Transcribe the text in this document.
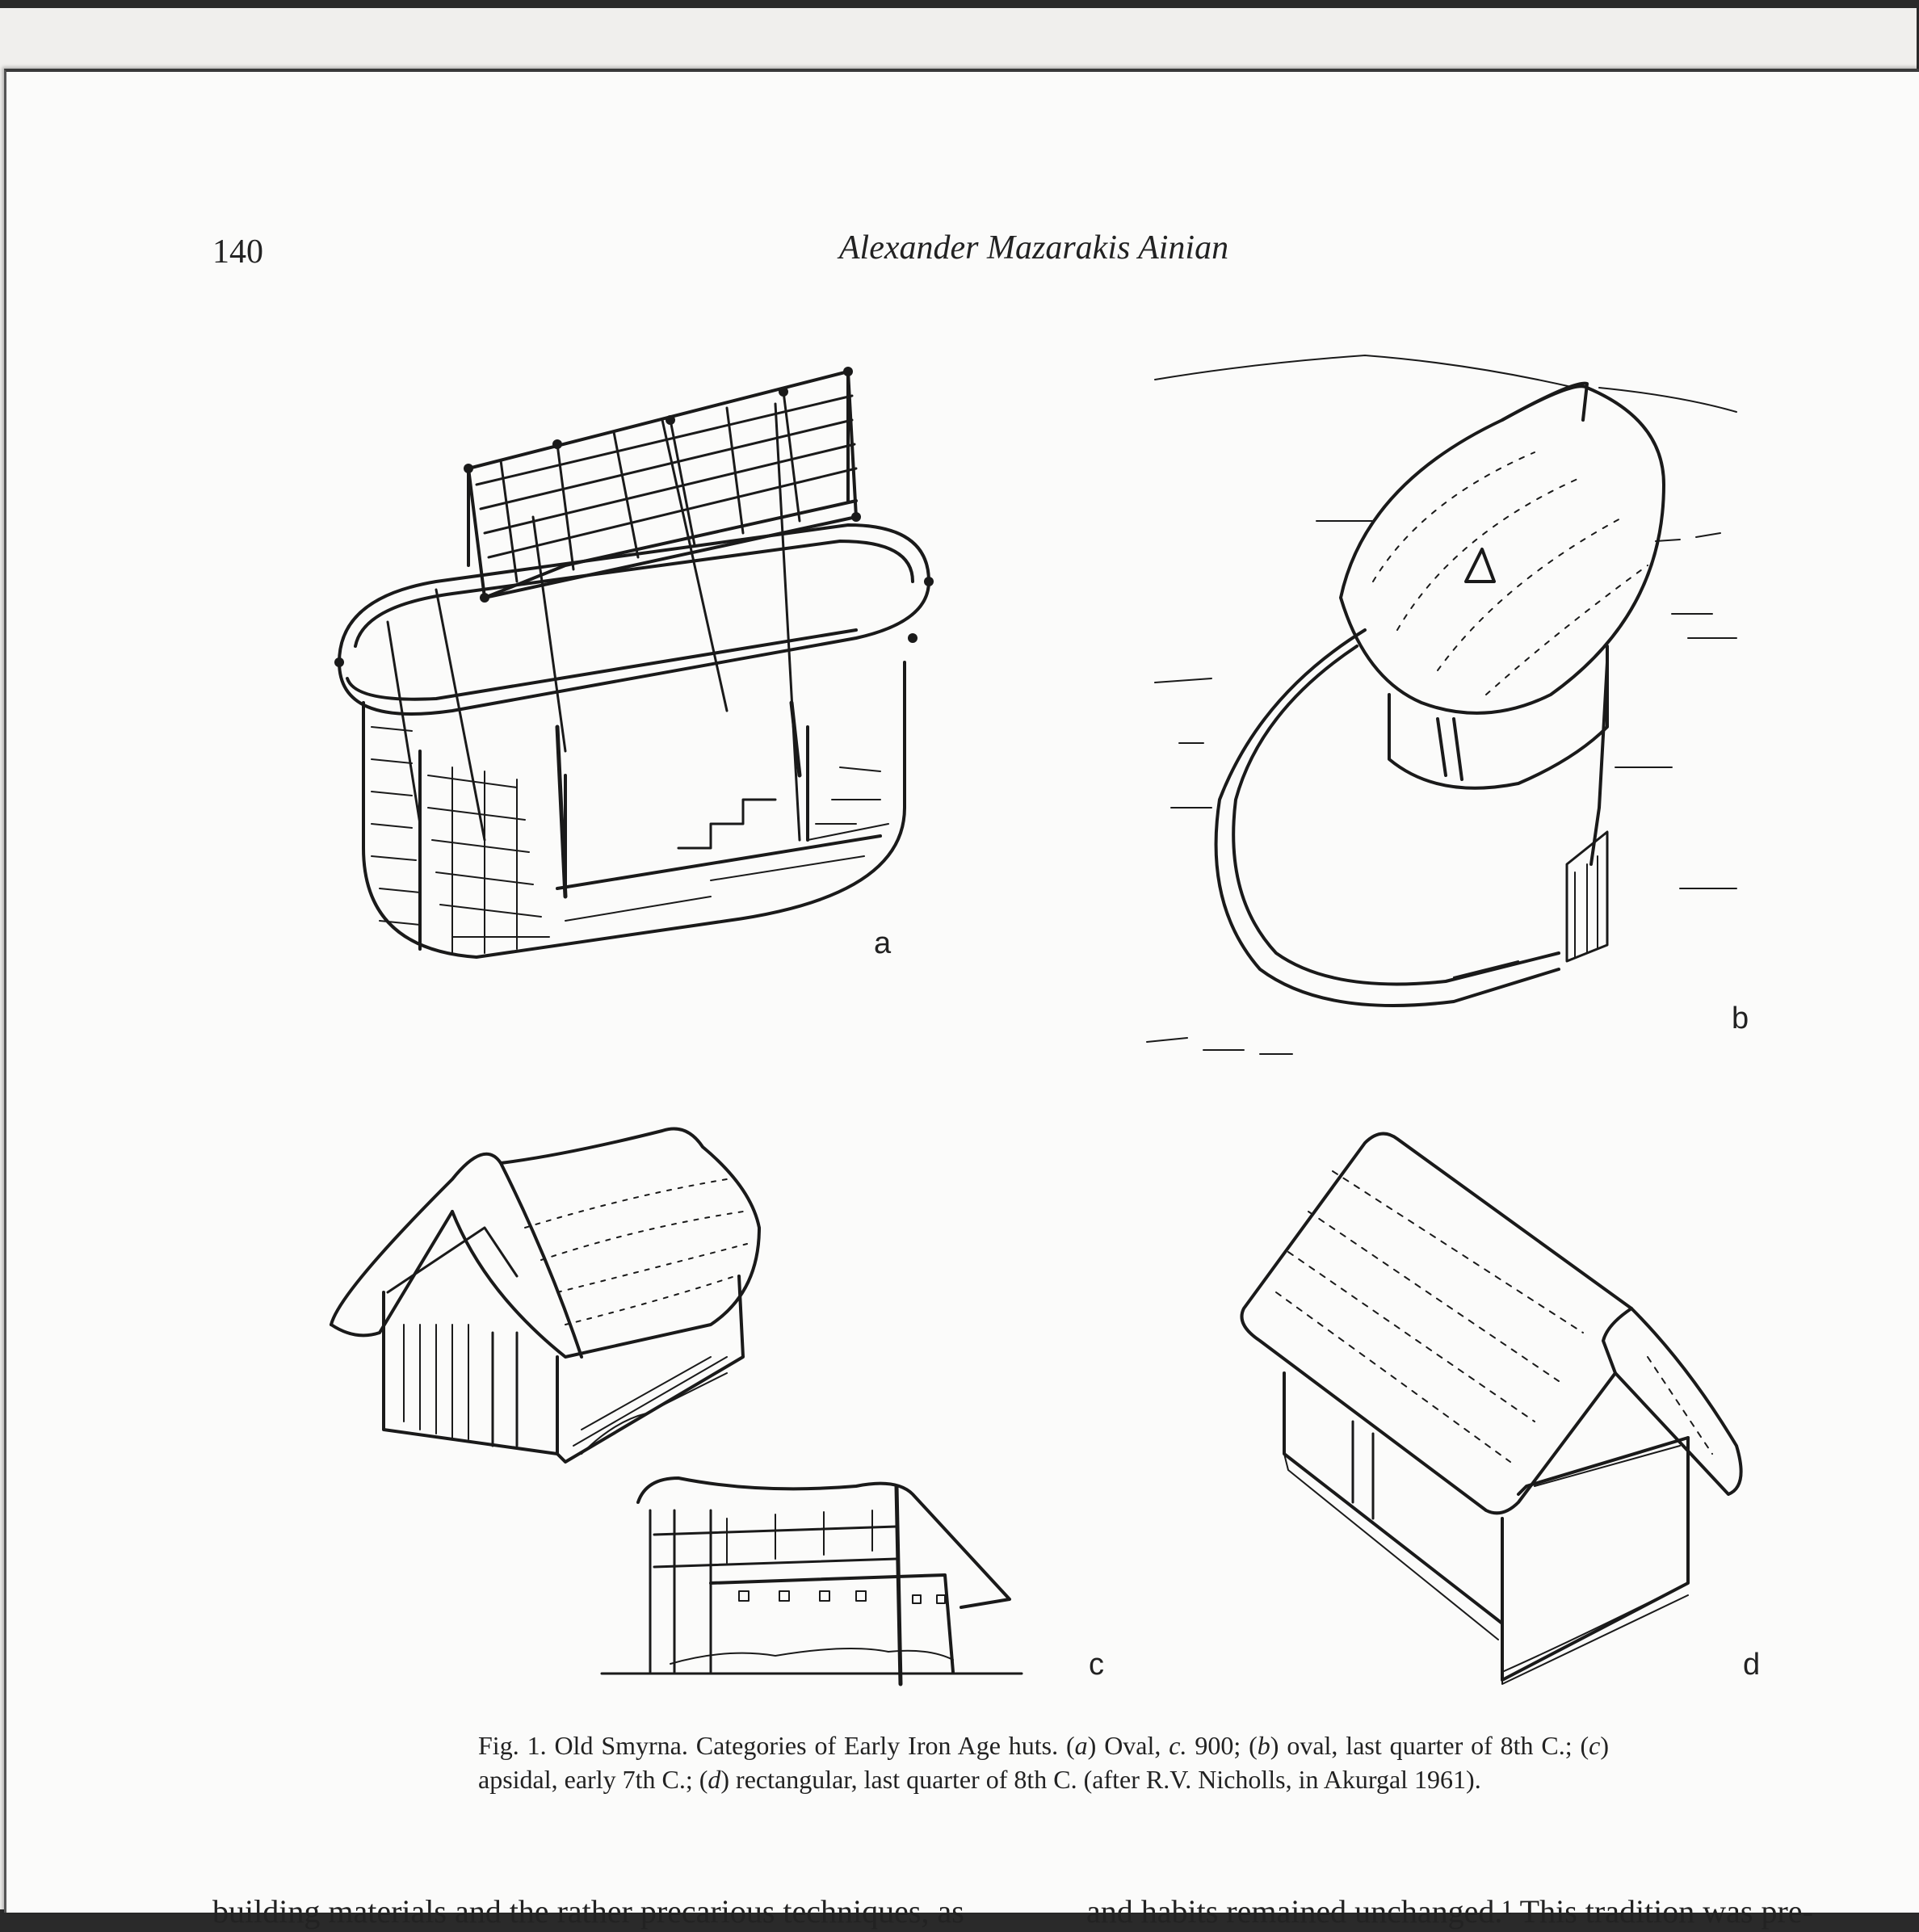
140	Alexander Mazarakis Ainian
a
b
c	d
Fig. 1. Old Smyrna. Categories of Early Iron Age huts. (a) Oval, c. 900; (b) oval, last quarter of 8th C.; (c) apsidal, early 7th C.; (d) rectangular, last quarter of 8th C. (after R.V. Nicholls, in Akurgal 1961).
building materials and the rather precarious techniques, as	and habits remained unchanged.¹ This tradition was pre-
